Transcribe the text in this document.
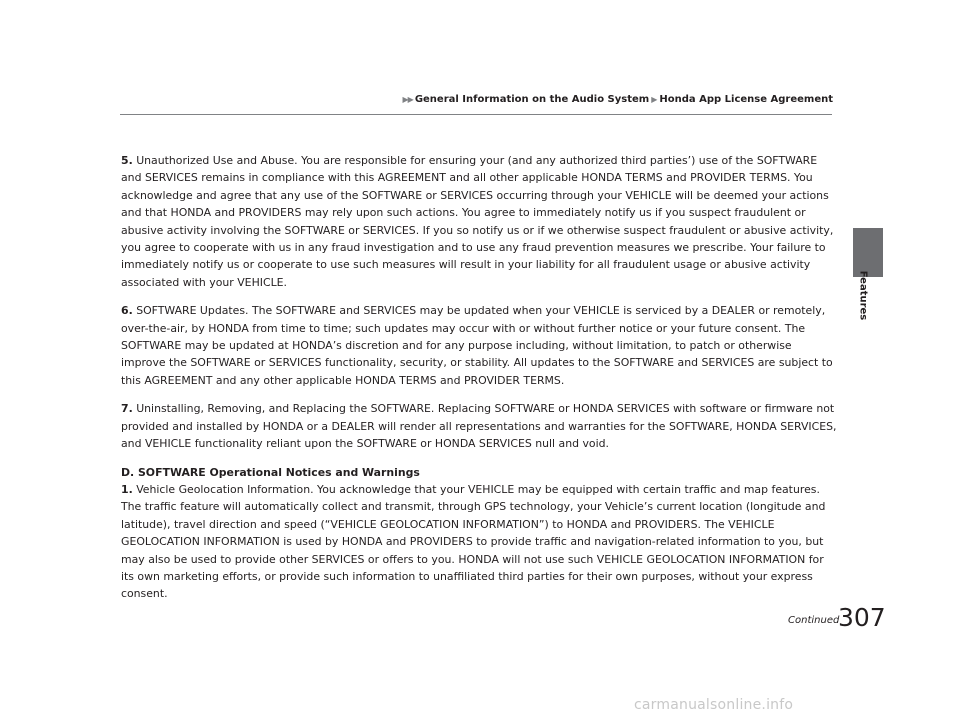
▶▶ General Information on the Audio System ▶ Honda App License Agreement
Features

5. Unauthorized Use and Abuse. You are responsible for ensuring your (and any authorized third parties’) use of the SOFTWARE and SERVICES remains in compliance with this AGREEMENT and all other applicable HONDA TERMS and PROVIDER TERMS. You acknowledge and agree that any use of the SOFTWARE or SERVICES occurring through your VEHICLE will be deemed your actions and that HONDA and PROVIDERS may rely upon such actions. You agree to immediately notify us if you suspect fraudulent or abusive activity involving the SOFTWARE or SERVICES. If you so notify us or if we otherwise suspect fraudulent or abusive activity, you agree to cooperate with us in any fraud investigation and to use any fraud prevention measures we prescribe. Your failure to immediately notify us or cooperate to use such measures will result in your liability for all fraudulent usage or abusive activity associated with your VEHICLE.

6. SOFTWARE Updates. The SOFTWARE and SERVICES may be updated when your VEHICLE is serviced by a DEALER or remotely, over-the-air, by HONDA from time to time; such updates may occur with or without further notice or your future consent. The SOFTWARE may be updated at HONDA’s discretion and for any purpose including, without limitation, to patch or otherwise improve the SOFTWARE or SERVICES functionality, security, or stability. All updates to the SOFTWARE and SERVICES are subject to this AGREEMENT and any other applicable HONDA TERMS and PROVIDER TERMS.

7. Uninstalling, Removing, and Replacing the SOFTWARE. Replacing SOFTWARE or HONDA SERVICES with software or firmware not provided and installed by HONDA or a DEALER will render all representations and warranties for the SOFTWARE, HONDA SERVICES, and VEHICLE functionality reliant upon the SOFTWARE or HONDA SERVICES null and void.

D. SOFTWARE Operational Notices and Warnings

1. Vehicle Geolocation Information. You acknowledge that your VEHICLE may be equipped with certain traffic and map features. The traffic feature will automatically collect and transmit, through GPS technology, your Vehicle’s current location (longitude and latitude), travel direction and speed (“VEHICLE GEOLOCATION INFORMATION”) to HONDA and PROVIDERS. The VEHICLE GEOLOCATION INFORMATION is used by HONDA and PROVIDERS to provide traffic and navigation-related information to you, but may also be used to provide other SERVICES or offers to you. HONDA will not use such VEHICLE GEOLOCATION INFORMATION for its own marketing efforts, or provide such information to unaffiliated third parties for their own purposes, without your express consent.

Continued
307
carmanualsonline.info
